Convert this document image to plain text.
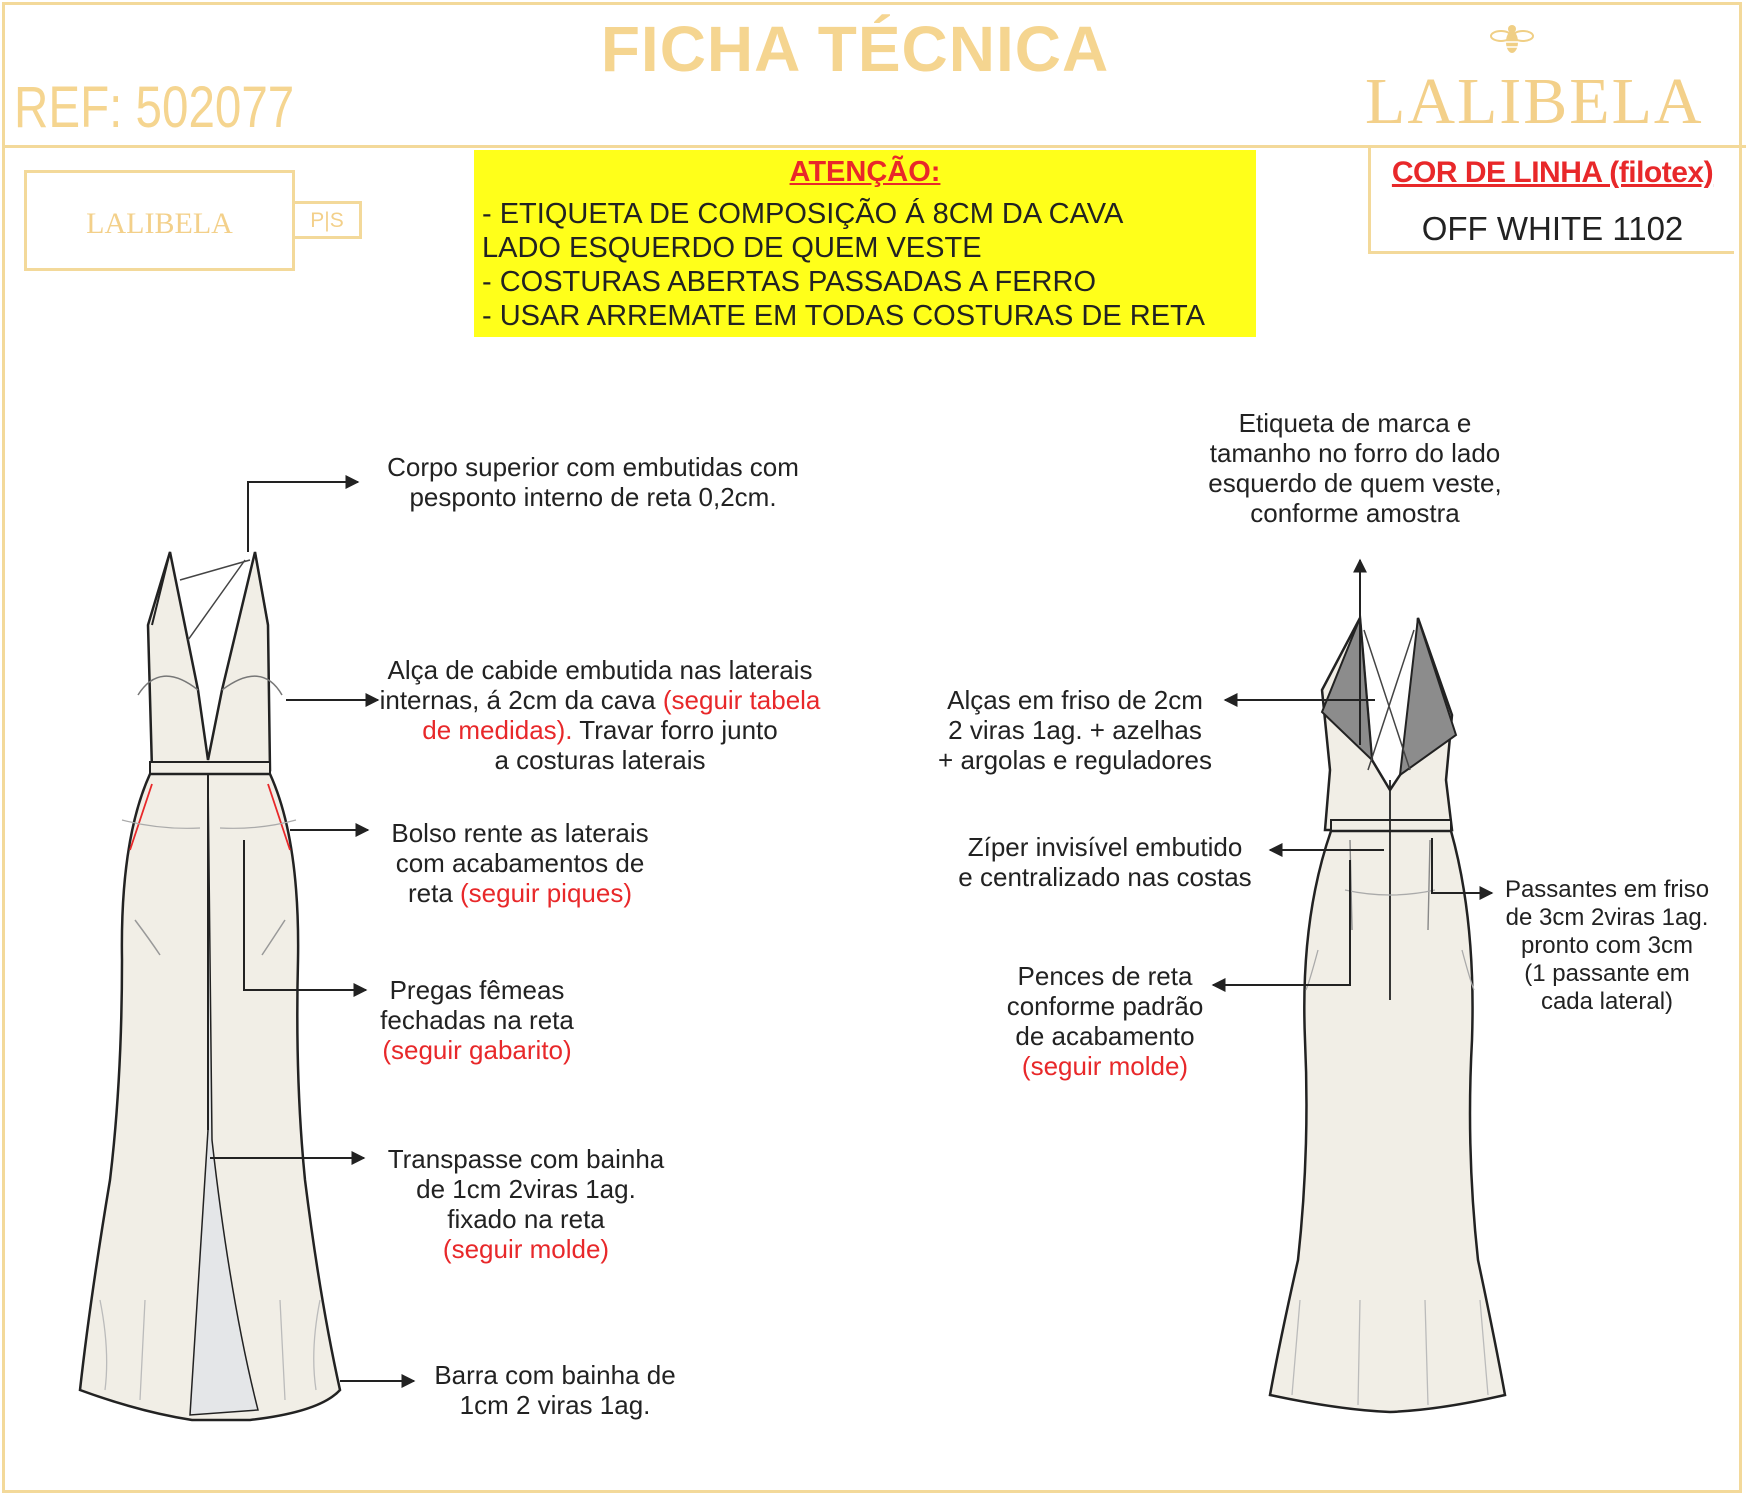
FICHA TÉCNICA
REF: 502077	LALIBELA
LALIBELA	P|S
ATENÇÃO:
- ETIQUETA DE COMPOSIÇÃO Á 8CM DA CAVA
LADO ESQUERDO DE QUEM VESTE
- COSTURAS ABERTAS PASSADAS A FERRO
- USAR ARREMATE EM TODAS COSTURAS DE RETA
COR DE LINHA (filotex)
OFF WHITE 1102
Corpo superior com embutidas com
pesponto interno de reta 0,2cm.
Alça de cabide embutida nas laterais
internas, á 2cm da cava (seguir tabela
de medidas). Travar forro junto
a costuras laterais
Bolso rente as laterais
com acabamentos de
reta (seguir piques)
Pregas fêmeas
fechadas na reta
(seguir gabarito)
Transpasse com bainha
de 1cm 2viras 1ag.
fixado na reta
(seguir molde)
Barra com bainha de
1cm 2 viras 1ag.
Etiqueta de marca e
tamanho no forro do lado
esquerdo de quem veste,
conforme amostra
Alças em friso de 2cm
2 viras 1ag. + azelhas
+ argolas e reguladores
Zíper invisível embutido
e centralizado nas costas
Pences de reta
conforme padrão
de acabamento
(seguir molde)
Passantes em friso
de 3cm 2viras 1ag.
pronto com 3cm
(1 passante em
cada lateral)
